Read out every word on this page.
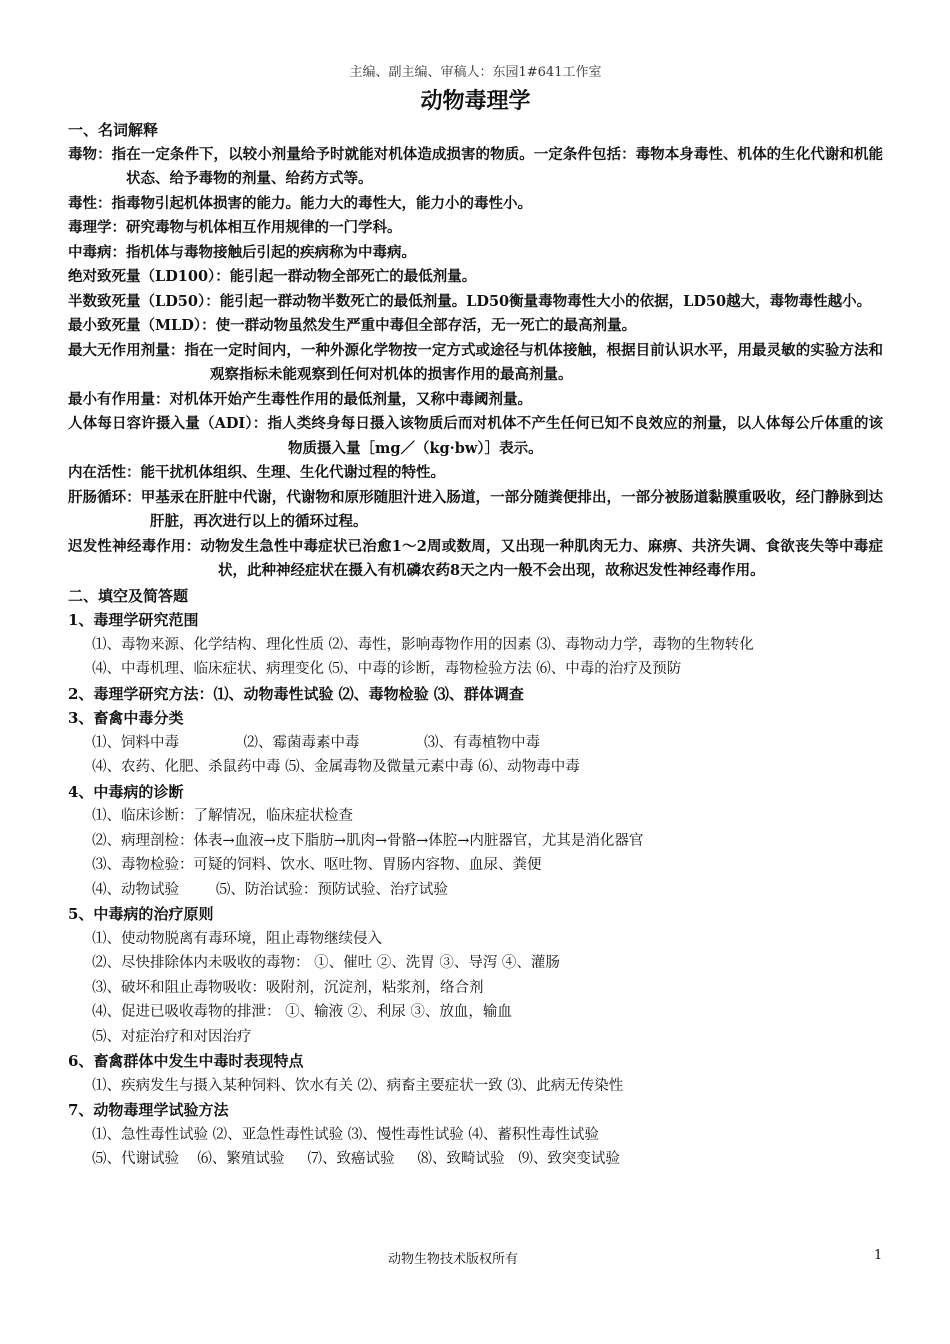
主编、副主编、审稿人：东园1#641工作室
动物毒理学
一、名词解释
毒物：指在一定条件下，以较小剂量给予时就能对机体造成损害的物质。一定条件包括：毒物本身毒性、机体的生化代谢和机能状态、给予毒物的剂量、给药方式等。
毒性：指毒物引起机体损害的能力。能力大的毒性大，能力小的毒性小。
毒理学：研究毒物与机体相互作用规律的一门学科。
中毒病：指机体与毒物接触后引起的疾病称为中毒病。
绝对致死量（LD100）：能引起一群动物全部死亡的最低剂量。
半数致死量（LD50）：能引起一群动物半数死亡的最低剂量。LD50衡量毒物毒性大小的依据，LD50越大，毒物毒性越小。
最小致死量（MLD）：使一群动物虽然发生严重中毒但全部存活，无一死亡的最高剂量。
最大无作用剂量：指在一定时间内，一种外源化学物按一定方式或途径与机体接触，根据目前认识水平，用最灵敏的实验方法和观察指标未能观察到任何对机体的损害作用的最高剂量。
最小有作用量：对机体开始产生毒性作用的最低剂量，又称中毒阈剂量。
人体每日容许摄入量（ADI）：指人类终身每日摄入该物质后而对机体不产生任何已知不良效应的剂量，以人体每公斤体重的该物质摄入量［mg／（kg·bw）］表示。
内在活性：能干扰机体组织、生理、生化代谢过程的特性。
肝肠循环：甲基汞在肝脏中代谢，代谢物和原形随胆汁进入肠道，一部分随粪便排出，一部分被肠道黏膜重吸收，经门静脉到达肝脏，再次进行以上的循环过程。
迟发性神经毒作用：动物发生急性中毒症状已治愈1～2周或数周，又出现一种肌肉无力、麻痹、共济失调、食欲丧失等中毒症状，此种神经症状在摄入有机磷农药8天之内一般不会出现，故称迟发性神经毒作用。
二、填空及简答题
1、毒理学研究范围
⑴、毒物来源、化学结构、理化性质 ⑵、毒性，影响毒物作用的因素 ⑶、毒物动力学，毒物的生物转化
⑷、中毒机理、临床症状、病理变化 ⑸、中毒的诊断，毒物检验方法 ⑹、中毒的治疗及预防
2、毒理学研究方法：⑴、动物毒性试验 ⑵、毒物检验 ⑶、群体调查
3、畜禽中毒分类
⑴、饲料中毒              ⑵、霉菌毒素中毒              ⑶、有毒植物中毒
⑷、农药、化肥、杀鼠药中毒 ⑸、金属毒物及微量元素中毒 ⑹、动物毒中毒
4、中毒病的诊断
⑴、临床诊断：了解情况，临床症状检查
⑵、病理剖检：体表→血液→皮下脂肪→肌肉→骨骼→体腔→内脏器官，尤其是消化器官
⑶、毒物检验：可疑的饲料、饮水、呕吐物、胃肠内容物、血尿、粪便
⑷、动物试验        ⑸、防治试验：预防试验、治疗试验
5、中毒病的治疗原则
⑴、使动物脱离有毒环境，阻止毒物继续侵入
⑵、尽快排除体内未吸收的毒物： ①、催吐 ②、洗胃 ③、导泻 ④、灌肠
⑶、破坏和阻止毒物吸收：吸附剂，沉淀剂，粘浆剂，络合剂
⑷、促进已吸收毒物的排泄： ①、输液 ②、利尿 ③、放血，输血
⑸、对症治疗和对因治疗
6、畜禽群体中发生中毒时表现特点
⑴、疾病发生与摄入某种饲料、饮水有关 ⑵、病畜主要症状一致 ⑶、此病无传染性
7、动物毒理学试验方法
⑴、急性毒性试验 ⑵、亚急性毒性试验 ⑶、慢性毒性试验 ⑷、蓄积性毒性试验
⑸、代谢试验    ⑹、繁殖试验     ⑺、致癌试验     ⑻、致畸试验   ⑼、致突变试验
动物生物技术版权所有	1
